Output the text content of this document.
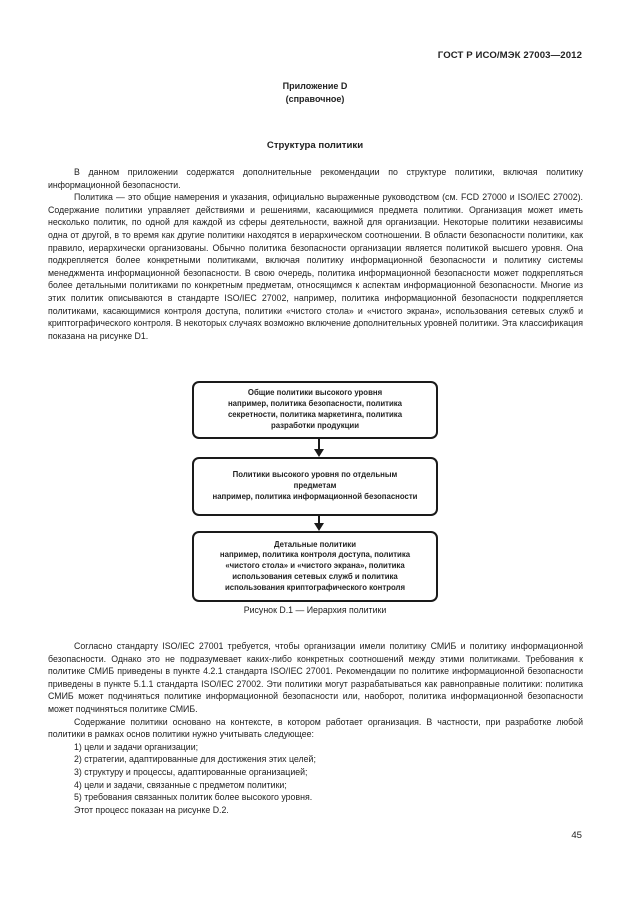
ГОСТ Р ИСО/МЭК 27003—2012
Приложение D
(справочное)
Структура политики

В данном приложении содержатся дополнительные рекомендации по структуре политики, включая политику информационной безопасности.

Политика — это общие намерения и указания, официально выраженные руководством (см. FCD 27000 и ISO/IEC 27002). Содержание политики управляет действиями и решениями, касающимися предмета политики. Организация может иметь несколько политик, по одной для каждой из сферы деятельности, важной для организации. Некоторые политики независимы одна от другой, в то время как другие политики находятся в иерархическом соотношении. В области безопасности политики, как правило, иерархически организованы. Обычно политика безопасности организации является политикой высшего уровня. Она подкрепляется более конкретными политиками, включая политику информационной безопасности и политику системы менеджмента информационной безопасности. В свою очередь, политика информационной безопасности может подкрепляться более детальными политиками по конкретным предметам, относящимся к аспектам информационной безопасности. Многие из этих политик описываются в стандарте ISO/IEC 27002, например, политика информационной безопасности подкрепляется политиками, касающимися контроля доступа, политики «чистого стола» и «чистого экрана», использования сетевых служб и криптографического контроля. В некоторых случаях возможно включение дополнительных уровней политики. Эта классификация показана на рисунке D1.

Общие политики высокого уровня
например, политика безопасности, политика секретности, политика маркетинга, политика разработки продукции
Политики высокого уровня по отдельным предметам
например, политика информационной безопасности
Детальные политики
например, политика контроля доступа, политика «чистого стола» и «чистого экрана», политика использования сетевых служб и политика использования криптографического контроля
Рисунок D.1 — Иерархия политики

Согласно стандарту ISO/IEC 27001 требуется, чтобы организации имели политику СМИБ и политику информационной безопасности. Однако это не подразумевает каких-либо конкретных соотношений между этими политиками. Требования к политике СМИБ приведены в пункте 4.2.1 стандарта ISO/IEC 27001. Рекомендации по политике информационной безопасности приведены в пункте 5.1.1 стандарта ISO/IEC 27002. Эти политики могут разрабатываться как равноправные политики: политика СМИБ может подчиняться политике информационной безопасности или, наоборот, политика информационной безопасности может подчиняться политике СМИБ.

Содержание политики основано на контексте, в котором работает организация. В частности, при разработке любой политики в рамках основ политики нужно учитывать следующее:

1) цели и задачи организации;
2) стратегии, адаптированные для достижения этих целей;
3) структуру и процессы, адаптированные организацией;
4) цели и задачи, связанные с предметом политики;
5) требования связанных политик более высокого уровня.

Этот процесс показан на рисунке D.2.

45
